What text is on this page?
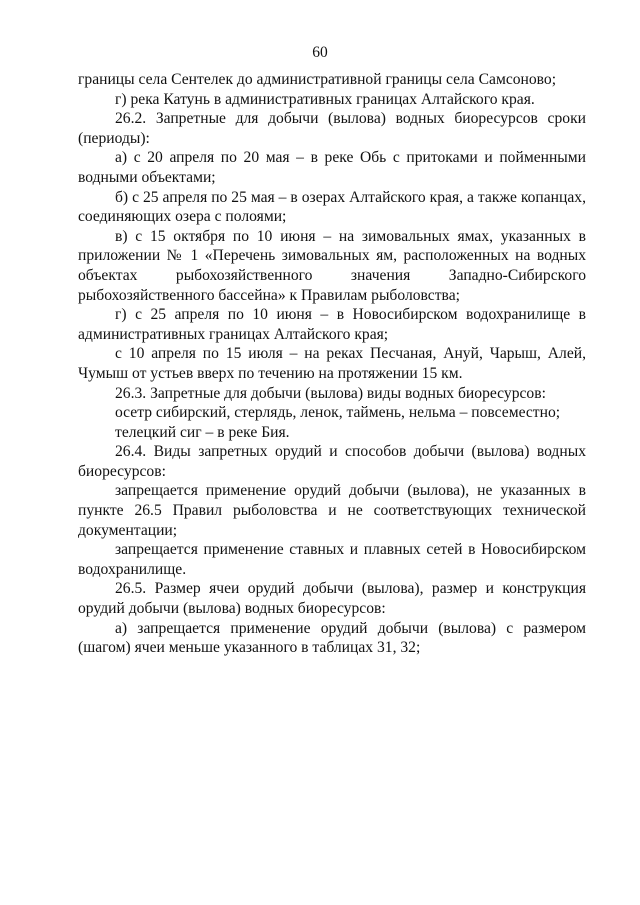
60

границы села Сентелек до административной границы села Самсоново;

г) река Катунь в административных границах Алтайского края.

26.2. Запретные для добычи (вылова) водных биоресурсов сроки (периоды):

а) с 20 апреля по 20 мая – в реке Обь с притоками и пойменными водными объектами;

б) с 25 апреля по 25 мая – в озерах Алтайского края, а также копанцах, соединяющих озера с полоями;

в) с 15 октября по 10 июня – на зимовальных ямах, указанных в приложении № 1 «Перечень зимовальных ям, расположенных на водных объектах рыбохозяйственного значения Западно-Сибирского рыбохозяйственного бассейна» к Правилам рыболовства;

г) с 25 апреля по 10 июня – в Новосибирском водохранилище в административных границах Алтайского края;

с 10 апреля по 15 июля – на реках Песчаная, Ануй, Чарыш, Алей, Чумыш от устьев вверх по течению на протяжении 15 км.

26.3. Запретные для добычи (вылова) виды водных биоресурсов:

осетр сибирский, стерлядь, ленок, таймень, нельма – повсеместно;

телецкий сиг – в реке Бия.

26.4. Виды запретных орудий и способов добычи (вылова) водных биоресурсов:

запрещается применение орудий добычи (вылова), не указанных в пункте 26.5 Правил рыболовства и не соответствующих технической документации;

запрещается применение ставных и плавных сетей в Новосибирском водохранилище.

26.5. Размер ячеи орудий добычи (вылова), размер и конструкция орудий добычи (вылова) водных биоресурсов:

а) запрещается применение орудий добычи (вылова) с размером (шагом) ячеи меньше указанного в таблицах 31, 32;
